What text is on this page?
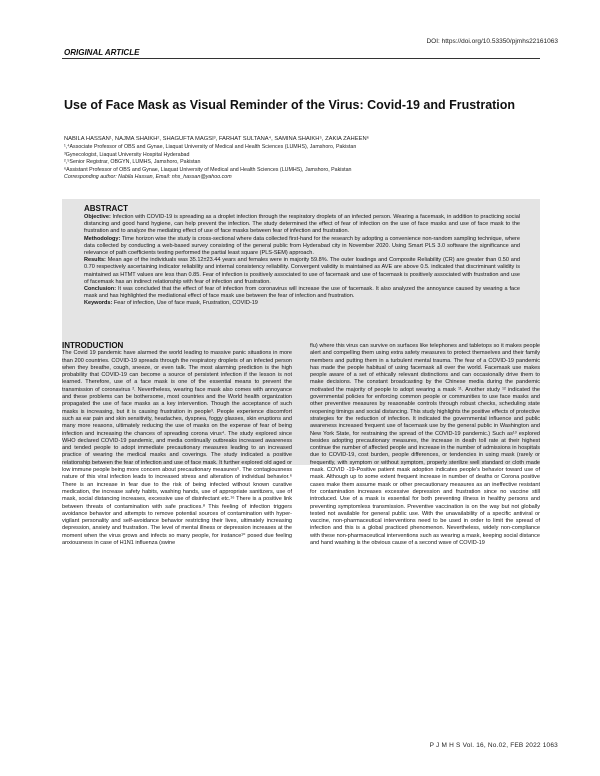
DOI: https://doi.org/10.53350/pjmhs22161063
ORIGINAL ARTICLE
Use of Face Mask as Visual Reminder of the Virus: Covid-19 and Frustration
NABILA HASSAN¹, NAJMA SHAIKH², SHAGUFTA MAGSI³, FARHAT SULTANA⁴, SAMINA SHAIKH⁵, ZAKIA ZAHEEN⁶
¹,⁴Associate Professor of OBS and Gynae, Liaquat University of Medical and Health Sciences (LUMHS), Jamshoro, Pakistan
³Gynecologist, Liaquat University Hospital Hyderabad
²,⁵Senior Registrar, OBGYN, LUMHS, Jamshoro, Pakistan
⁶Assistant Professor of OBS and Gynae, Liaquat University of Medical and Health Sciences (LUMHS), Jamshoro, Pakistan
Corresponding author: Nabila Hassan, Email: nhs_hassan@yahoo.com
ABSTRACT

Objective: Infection with COVID-19 is spreading as a droplet infection through the respiratory droplets of an infected person. Wearing a facemask, in addition to practicing social distancing and good hand hygiene, can help prevent the infection. The study determined the effect of fear of infection on the use of face masks and use of face mask to the frustration and to analyze the mediating effect of use of face masks between fear of infection and frustration.

Methodology: Time horizon wise the study is cross-sectional where data collected first-hand for the research by adopting a convenience non-random sampling technique, where data collected by conducting a web-based survey consisting of the general public from Hyderabad city in November 2020. Using Smart PLS 3.0 software the significance and relevance of path coefficients testing performed the partial least square (PLS-SEM) approach.

Results: Mean age of the individuals was 35.12±23.44 years and females were in majority 59.8%. The outer loadings and Composite Reliability (CR) are greater than 0.50 and 0.70 respectively ascertaining indicator reliability and internal consistency reliability. Convergent validity is maintained as AVE are above 0.5. indicated that discriminant validity is maintained as HTMT values are less than 0.85. Fear of infection is positively associated to use of facemask and use of facemask is positively associated with frustration and use of facemask has an indirect relationship with fear of infection and frustration.

Conclusion: It was concluded that the effect of fear of infection from coronavirus will increase the use of facemask. It also analyzed the annoyance caused by wearing a face mask and has highlighted the mediational effect of face mask use between the fear of infection and frustration.

Keywords: Fear of infection, Use of face mask, Frustration, COVID-19

INTRODUCTION

The Covid 19 pandemic have alarmed the world leading to massive panic situations in more than 200 countries. COVID-19 spreads through the respiratory droplets of an infected person when they breathe, cough, sneeze, or even talk. The most alarming prediction is the high probability that COVID-19 can become a source of persistent infection if the lesson is not learned. Therefore, use of a face mask is one of the essential means to prevent the transmission of coronavirus ². Nevertheless, wearing face mask also comes with annoyance and these problems can be bothersome, most countries and the World health organization propagated the use of face masks as a key intervention. Though the acceptance of such masks is increasing, but it is causing frustration in people³. People experience discomfort such as ear pain and skin sensitivity, headaches, dyspnea, foggy glasses, skin eruptions and many more reasons, ultimately reducing the use of masks on the expense of fear of being infection and increasing the chances of spreading corona virus⁴. The study explored since WHO declared COVID-19 pandemic, and media continually outbreaks increased awareness and tended people to adopt immediate precautionary measures leading to an increased practice of wearing the medical masks and coverings. The study indicated a positive relationship between the fear of infection and use of face mask. It further explored old aged or low immune people being more concern about precautionary measures⁵. The contagiousness nature of this viral infection leads to increased stress and alteration of individual behavior.⁶ There is an increase in fear due to the risk of being infected without known curative medication, the increase safety habits, washing hands, use of appropriate sanitizers, use of mask, social distancing increases, excessive use of disinfectant etc.¹⁶ There is a positive link between threats of contamination with safe practices.⁸ This feeling of infection triggers avoidance behavior and attempts to remove potential sources of contamination with hyper-vigilant personality and self-avoidance behavior restricting their lives, ultimately increasing depression, anxiety and frustration. The level of mental illness or depression increases at the moment when the virus grows and infects so many people, for instance¹⁰ posed due feeling anxiousness in case of H1N1 influenza (swine

flu) where this virus can survive on surfaces like telephones and tabletops so it makes people alert and compelling them using extra safety measures to protect themselves and their family members and putting them in a turbulent mental trauma. The fear of a COVID-19 pandemic has made the people habitual of using facemask all over the world. Facemask use makes people aware of a set of ethically relevant distinctions and can occasionally drive them to make decisions. The constant broadcasting by the Chinese media during the pandemic motivated the majority of people to adopt wearing a mask ¹¹. Another study ¹² indicated the governmental policies for enforcing common people or communities to use face masks and other preventive measures by reasonable controls through robust checks, scheduling state reopening timings and social distancing. This study highlights the positive effects of protective strategies for the reduction of infection. It indicated the governmental influence and public awareness increased frequent use of facemask use by the general public in Washington and New York State, for restraining the spread of the COVID-19 pandemic.) Such as¹³ explored besides adopting precautionary measures, the increase in death toll rate at their highest continue the number of affected people and increase in the number of admissions in hospitals due to COVID-19, cost burden, people differences, or tendencies in using mask (rarely or frequently, with symptom or without symptom, properly sterilize well standard or cloth made mask. COVID -19-Positive patient mask adoption indicates people's behavior toward use of mask. Although up to some extent frequent increase in number of deaths or Corona positive cases make them assume mask or other precautionary measures as an ineffective resistant for contamination increases excessive depression and frustration since no vaccine still introduced. Use of a mask is essential for both preventing illness in healthy persons and preventing symptomless transmission. Preventive vaccination is on the way but not globally tested not available for general public use. With the unavailability of a specific antiviral or vaccine, non-pharmaceutical interventions need to be used in order to limit the spread of infection and this is a global practiced phenomenon. Nevertheless, widely non-compliance with these non-pharmaceutical interventions such as wearing a mask, keeping social distance and hand washing is the obvious cause of a second wave of COVID-19

P J M H S Vol. 16, No.02, FEB 2022 1063
